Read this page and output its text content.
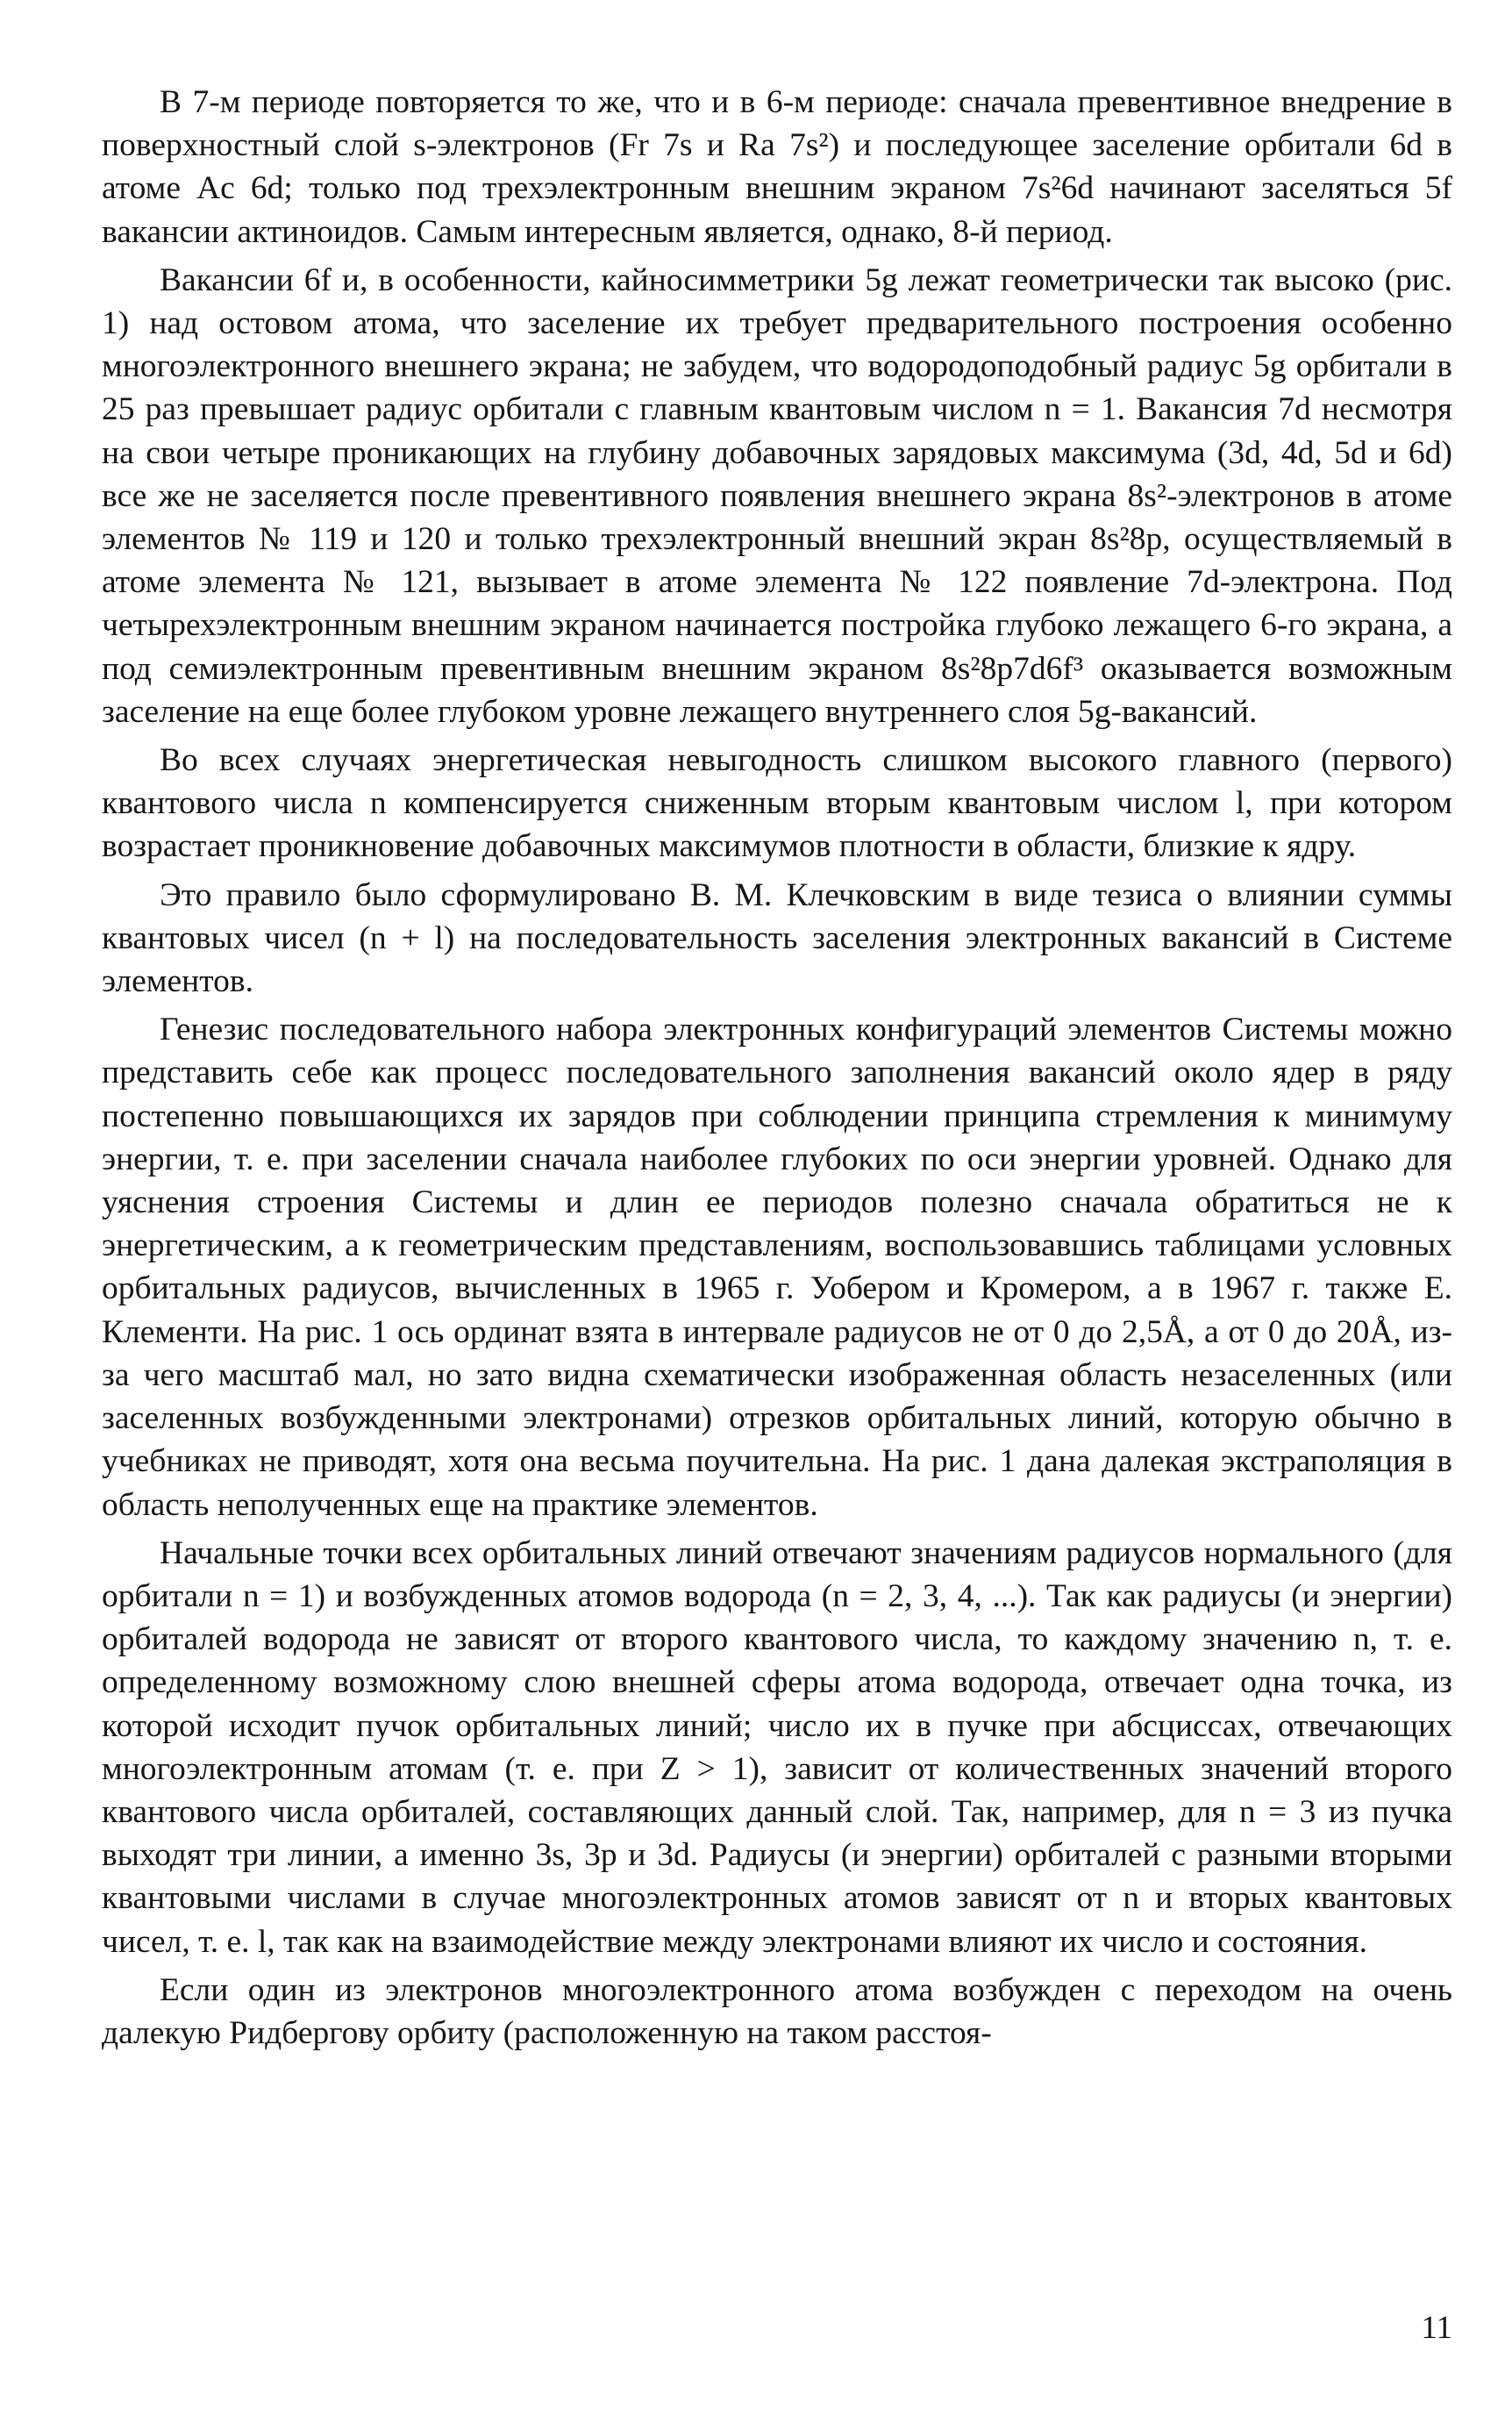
В 7-м периоде повторяется то же, что и в 6-м периоде: сначала превентивное внедрение в поверхностный слой s-электронов (Fr 7s и Ra 7s²) и последующее заселение орбитали 6d в атоме Ac 6d; только под трехэлектронным внешним экраном 7s²6d начинают заселяться 5f вакансии актиноидов. Самым интересным является, однако, 8-й период.

Вакансии 6f и, в особенности, кайносимметрики 5g лежат геометрически так высоко (рис. 1) над остовом атома, что заселение их требует предварительного построения особенно многоэлектронного внешнего экрана; не забудем, что водородоподобный радиус 5g орбитали в 25 раз превышает радиус орбитали с главным квантовым числом n = 1. Вакансия 7d несмотря на свои четыре проникающих на глубину добавочных зарядовых максимума (3d, 4d, 5d и 6d) все же не заселяется после превентивного появления внешнего экрана 8s²-электронов в атоме элементов № 119 и 120 и только трехэлектронный внешний экран 8s²8p, осуществляемый в атоме элемента № 121, вызывает в атоме элемента № 122 появление 7d-электрона. Под четырехэлектронным внешним экраном начинается постройка глубоко лежащего 6-го экрана, а под семиэлектронным превентивным внешним экраном 8s²8p7d6f³ оказывается возможным заселение на еще более глубоком уровне лежащего внутреннего слоя 5g-вакансий.

Во всех случаях энергетическая невыгодность слишком высокого главного (первого) квантового числа n компенсируется сниженным вторым квантовым числом l, при котором возрастает проникновение добавочных максимумов плотности в области, близкие к ядру.

Это правило было сформулировано В. М. Клечковским в виде тезиса о влиянии суммы квантовых чисел (n + l) на последовательность заселения электронных вакансий в Системе элементов.

Генезис последовательного набора электронных конфигураций элементов Системы можно представить себе как процесс последовательного заполнения вакансий около ядер в ряду постепенно повышающихся их зарядов при соблюдении принципа стремления к минимуму энергии, т. е. при заселении сначала наиболее глубоких по оси энергии уровней. Однако для уяснения строения Системы и длин ее периодов полезно сначала обратиться не к энергетическим, а к геометрическим представлениям, воспользовавшись таблицами условных орбитальных радиусов, вычисленных в 1965 г. Уобером и Кромером, а в 1967 г. также Е. Клементи. На рис. 1 ось ординат взята в интервале радиусов не от 0 до 2,5Å, а от 0 до 20Å, из-за чего масштаб мал, но зато видна схематически изображенная область незаселенных (или заселенных возбужденными электронами) отрезков орбитальных линий, которую обычно в учебниках не приводят, хотя она весьма поучительна. На рис. 1 дана далекая экстраполяция в область неполученных еще на практике элементов.

Начальные точки всех орбитальных линий отвечают значениям радиусов нормального (для орбитали n = 1) и возбужденных атомов водорода (n = 2, 3, 4, ...). Так как радиусы (и энергии) орбиталей водорода не зависят от второго квантового числа, то каждому значению n, т. е. определенному возможному слою внешней сферы атома водорода, отвечает одна точка, из которой исходит пучок орбитальных линий; число их в пучке при абсциссах, отвечающих многоэлектронным атомам (т. е. при Z > 1), зависит от количественных значений второго квантового числа орбиталей, составляющих данный слой. Так, например, для n = 3 из пучка выходят три линии, а именно 3s, 3p и 3d. Радиусы (и энергии) орбиталей с разными вторыми квантовыми числами в случае многоэлектронных атомов зависят от n и вторых квантовых чисел, т. е. l, так как на взаимодействие между электронами влияют их число и состояния.

Если один из электронов многоэлектронного атома возбужден с переходом на очень далекую Ридбергову орбиту (расположенную на таком расстоя-

11
